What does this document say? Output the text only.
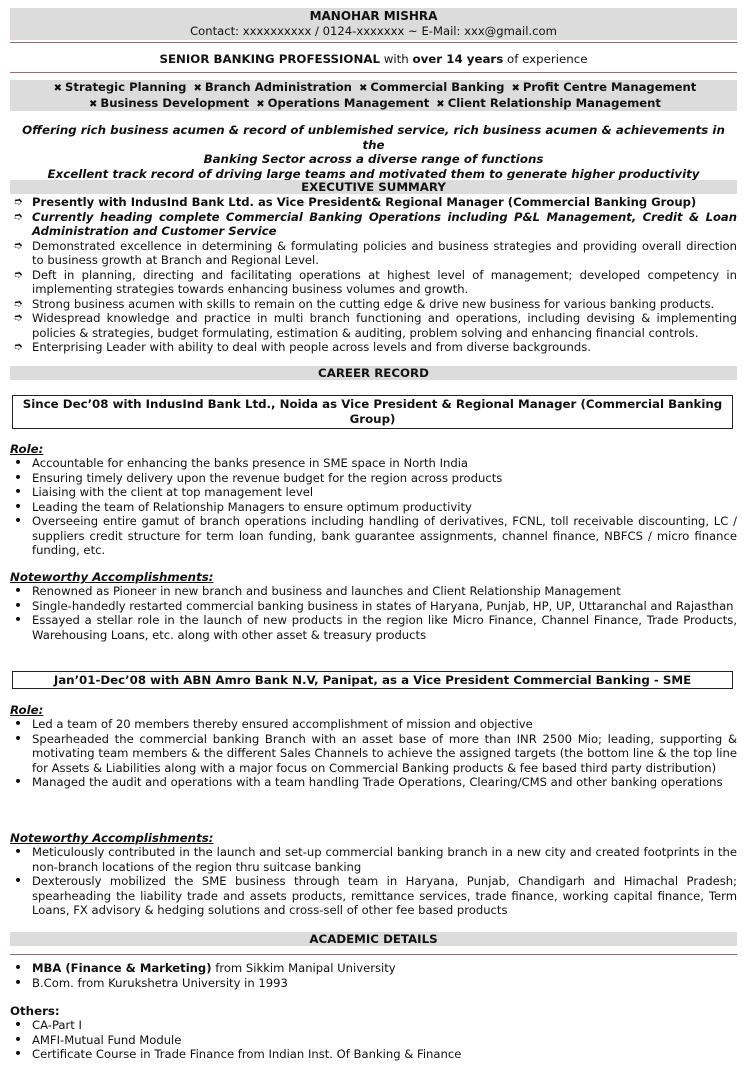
MANOHAR MISHRA
Contact: xxxxxxxxxx / 0124-xxxxxxx ~ E-Mail: xxx@gmail.com
SENIOR BANKING PROFESSIONAL with over 14 years of experience
✖ Strategic Planning ✖ Branch Administration ✖ Commercial Banking ✖ Profit Centre Management
✖ Business Development ✖ Operations Management ✖ Client Relationship Management
Offering rich business acumen & record of unblemished service, rich business acumen & achievements in the
Banking Sector across a diverse range of functions
Excellent track record of driving large teams and motivated them to generate higher productivity
EXECUTIVE SUMMARY
➮ Presently with IndusInd Bank Ltd. as Vice President& Regional Manager (Commercial Banking Group)
➮ Currently heading complete Commercial Banking Operations including P&L Management, Credit & Loan Administration and Customer Service
➮ Demonstrated excellence in determining & formulating policies and business strategies and providing overall direction to business growth at Branch and Regional Level.
➮ Deft in planning, directing and facilitating operations at highest level of management; developed competency in implementing strategies towards enhancing business volumes and growth.
➮ Strong business acumen with skills to remain on the cutting edge & drive new business for various banking products.
➮ Widespread knowledge and practice in multi branch functioning and operations, including devising & implementing policies & strategies, budget formulating, estimation & auditing, problem solving and enhancing financial controls.
➮ Enterprising Leader with ability to deal with people across levels and from diverse backgrounds.
CAREER RECORD
Since Dec’08 with IndusInd Bank Ltd., Noida as Vice President & Regional Manager (Commercial Banking Group)
Role:
• Accountable for enhancing the banks presence in SME space in North India
• Ensuring timely delivery upon the revenue budget for the region across products
• Liaising with the client at top management level
• Leading the team of Relationship Managers to ensure optimum productivity
• Overseeing entire gamut of branch operations including handling of derivatives, FCNL, toll receivable discounting, LC / suppliers credit structure for term loan funding, bank guarantee assignments, channel finance, NBFCS / micro finance funding, etc.
Noteworthy Accomplishments:
• Renowned as Pioneer in new branch and business and launches and Client Relationship Management
• Single-handedly restarted commercial banking business in states of Haryana, Punjab, HP, UP, Uttaranchal and Rajasthan
• Essayed a stellar role in the launch of new products in the region like Micro Finance, Channel Finance, Trade Products, Warehousing Loans, etc. along with other asset & treasury products
Jan’01-Dec’08 with ABN Amro Bank N.V, Panipat, as a Vice President Commercial Banking - SME
Role:
• Led a team of 20 members thereby ensured accomplishment of mission and objective
• Spearheaded the commercial banking Branch with an asset base of more than INR 2500 Mio; leading, supporting & motivating team members & the different Sales Channels to achieve the assigned targets (the bottom line & the top line for Assets & Liabilities along with a major focus on Commercial Banking products & fee based third party distribution)
• Managed the audit and operations with a team handling Trade Operations, Clearing/CMS and other banking operations
Noteworthy Accomplishments:
• Meticulously contributed in the launch and set-up commercial banking branch in a new city and created footprints in the non-branch locations of the region thru suitcase banking
• Dexterously mobilized the SME business through team in Haryana, Punjab, Chandigarh and Himachal Pradesh; spearheading the liability trade and assets products, remittance services, trade finance, working capital finance, Term Loans, FX advisory & hedging solutions and cross-sell of other fee based products
ACADEMIC DETAILS
• MBA (Finance & Marketing) from Sikkim Manipal University
• B.Com. from Kurukshetra University in 1993
Others:
• CA-Part I
• AMFI-Mutual Fund Module
• Certificate Course in Trade Finance from Indian Inst. Of Banking & Finance
